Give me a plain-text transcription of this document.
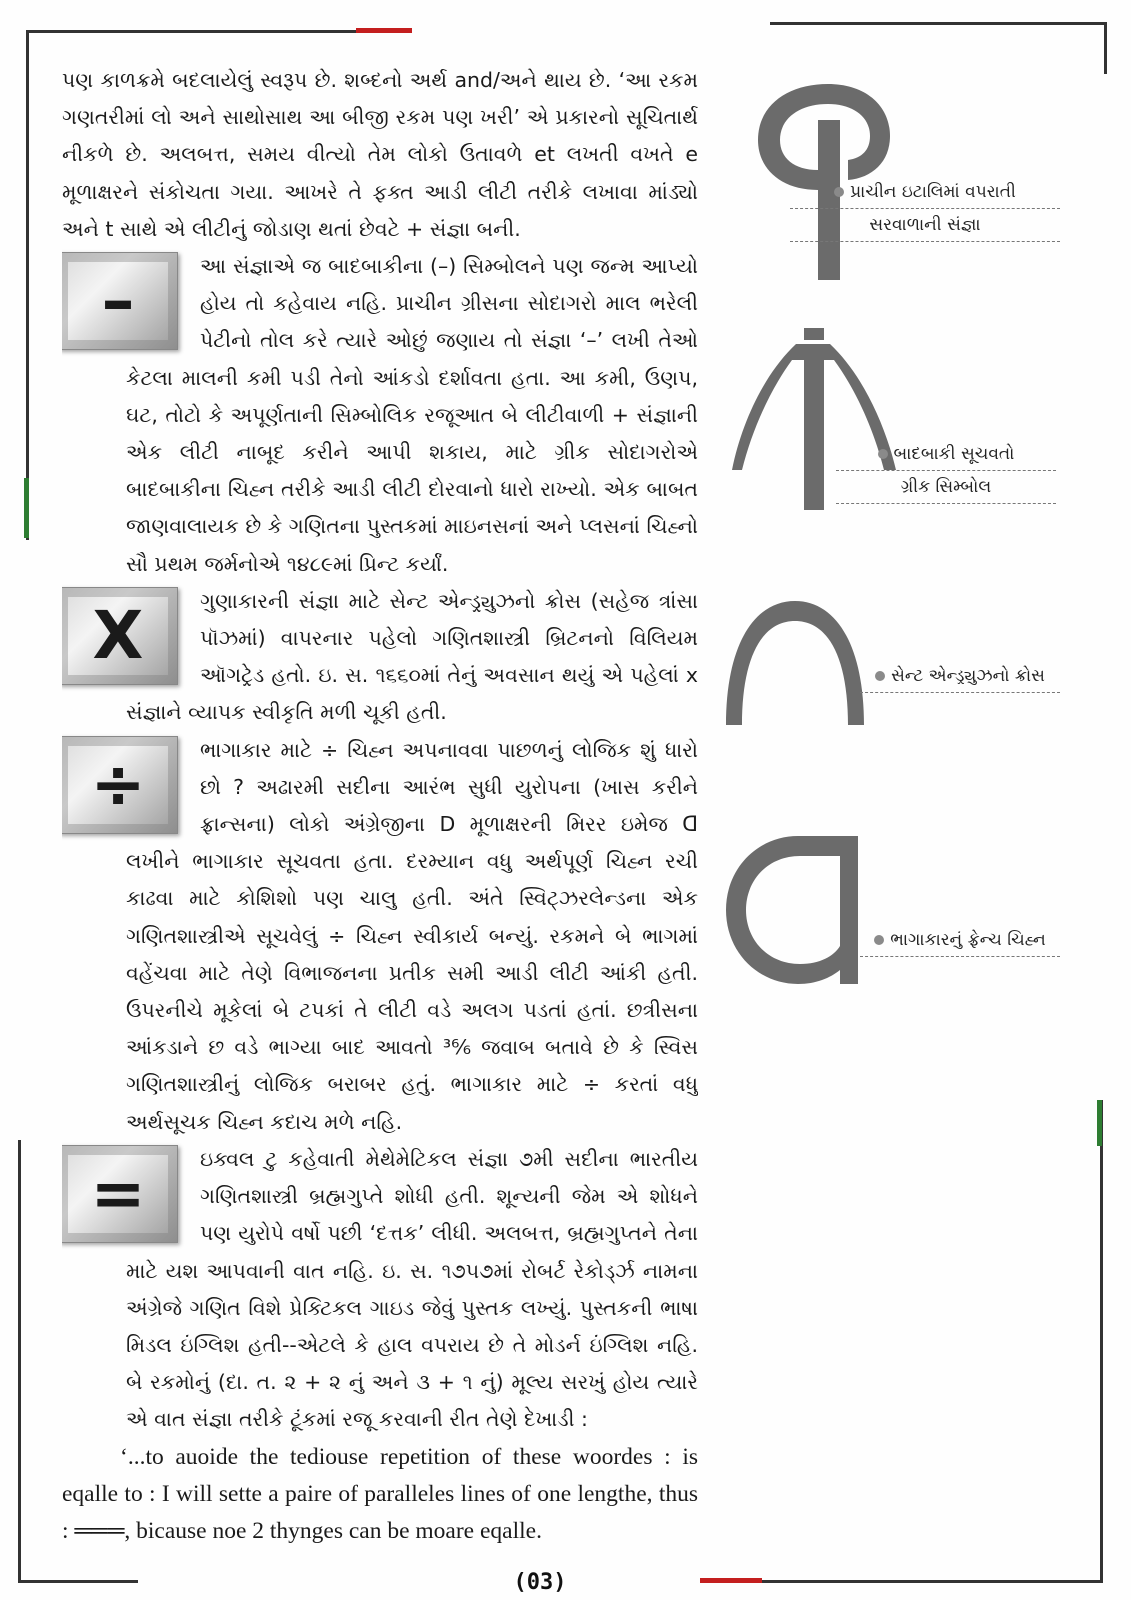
પણ કાળક્રમે બદલાયેલું સ્વરૂપ છે. શબ્દનો અર્થ and/અને થાય છે. ‘આ રકમ ગણતરીમાં લો અને સાથોસાથ આ બીજી રકમ પણ ખરી’ એ પ્રકારનો સૂચિતાર્થ નીકળે છે. અલબત્ત, સમય વીત્યો તેમ લોકો ઉતાવળે et લખતી વખતે e મૂળાક્ષરને સંકોચતા ગયા. આખરે તે ફક્ત આડી લીટી તરીકે લખાવા માંડ્યો અને t સાથે એ લીટીનું જોડાણ થતાં છેવટે + સંજ્ઞા બની.

–	આ સંજ્ઞાએ જ બાદબાકીના (–) સિમ્બોલને પણ જન્મ આપ્યો હોય તો કહેવાય નહિ. પ્રાચીન ગ્રીસના સોદાગરો માલ ભરેલી પેટીનો તોલ કરે ત્યારે ઓછું જણાય તો સંજ્ઞા ‘–’ લખી તેઓ કેટલા માલની કમી પડી તેનો આંકડો દર્શાવતા હતા. આ કમી, ઉણપ, ઘટ, તોટો કે અપૂર્ણતાની સિમ્બોલિક રજૂઆત બે લીટીવાળી + સંજ્ઞાની એક લીટી નાબૂદ કરીને આપી શકાય, માટે ગ્રીક સોદાગરોએ બાદબાકીના ચિહ્ન તરીકે આડી લીટી દોરવાનો ધારો રાખ્યો. એક બાબત જાણવાલાયક છે કે ગણિતના પુસ્તકમાં માઇનસનાં અને પ્લસનાં ચિહ્નો સૌ પ્રથમ જર્મનોએ ૧૪૮૯માં પ્રિન્ટ કર્યાં.

X	ગુણાકારની સંજ્ઞા માટે સેન્ટ એન્ડ્ર્યુઝનો ક્રોસ (સહેજ ત્રાંસા પૉઝમાં) વાપરનાર પહેલો ગણિતશાસ્ત્રી બ્રિટનનો વિલિયમ ઑગટ્રેડ હતો. ઇ. સ. ૧૬૬૦માં તેનું અવસાન થયું એ પહેલાં x સંજ્ઞાને વ્યાપક સ્વીકૃતિ મળી ચૂકી હતી.

÷	ભાગાકાર માટે ÷ ચિહ્ન અપનાવવા પાછળનું લોજિક શું ધારો છો ? અઢારમી સદીના આરંભ સુધી યુરોપના (ખાસ કરીને ફ્રાન્સના) લોકો અંગ્રેજીના D મૂળાક્ષરની મિરર ઇમેજ ᗡ લખીને ભાગાકાર સૂચવતા હતા. દરમ્યાન વધુ અર્થપૂર્ણ ચિહ્ન રચી કાઢવા માટે કોશિશો પણ ચાલુ હતી. અંતે સ્વિટ્ઝરલેન્ડના એક ગણિતશાસ્ત્રીએ સૂચવેલું ÷ ચિહ્ન સ્વીકાર્ય બન્યું. રકમને બે ભાગમાં વહેંચવા માટે તેણે વિભાજનના પ્રતીક સમી આડી લીટી આંકી હતી. ઉપરનીચે મૂકેલાં બે ટપકાં તે લીટી વડે અલગ પડતાં હતાં. છત્રીસના આંકડાને છ વડે ભાગ્યા બાદ આવતો ³⁶⁄₆ જવાબ બતાવે છે કે સ્વિસ ગણિતશાસ્ત્રીનું લોજિક બરાબર હતું. ભાગાકાર માટે ÷ કરતાં વધુ અર્થસૂચક ચિહ્ન કદાચ મળે નહિ.

=	ઇક્વલ ટુ કહેવાતી મેથેમેટિકલ સંજ્ઞા ૭મી સદીના ભારતીય ગણિતશાસ્ત્રી બ્રહ્મગુપ્તે શોધી હતી. શૂન્યની જેમ એ શોધને પણ યુરોપે વર્ષો પછી ‘દત્તક’ લીધી. અલબત્ત, બ્રહ્મગુપ્તને તેના માટે યશ આપવાની વાત નહિ. ઇ. સ. ૧૭૫૭માં રોબર્ટ રેકોર્ડ્ઝ નામના અંગ્રેજે ગણિત વિશે પ્રેક્ટિકલ ગાઇડ જેવું પુસ્તક લખ્યું. પુસ્તકની ભાષા મિડલ ઇંગ્લિશ હતી--એટલે કે હાલ વપરાય છે તે મોડર્ન ઇંગ્લિશ નહિ. બે રકમોનું (દા. ત. ૨ + ૨ નું અને ૩ + ૧ નું) મૂલ્ય સરખું હોય ત્યારે એ વાત સંજ્ઞા તરીકે ટૂંકમાં રજૂ કરવાની રીત તેણે દેખાડી :

‘...to auoide the tediouse repetition of these woordes : is eqalle to : I will sette a paire of paralleles lines of one lengthe, thus : ═══, bicause noe 2 thynges can be moare eqalle.

પ્રાચીન ઇટાલિમાં વપરાતી
સરવાળાની સંજ્ઞા
બાદબાકી સૂચવતો
ગ્રીક સિમ્બોલ
સેન્ટ એન્ડ્ર્યુઝનો ક્રોસ
ભાગાકારનું ફ્રેન્ચ ચિહ્ન
(03)
